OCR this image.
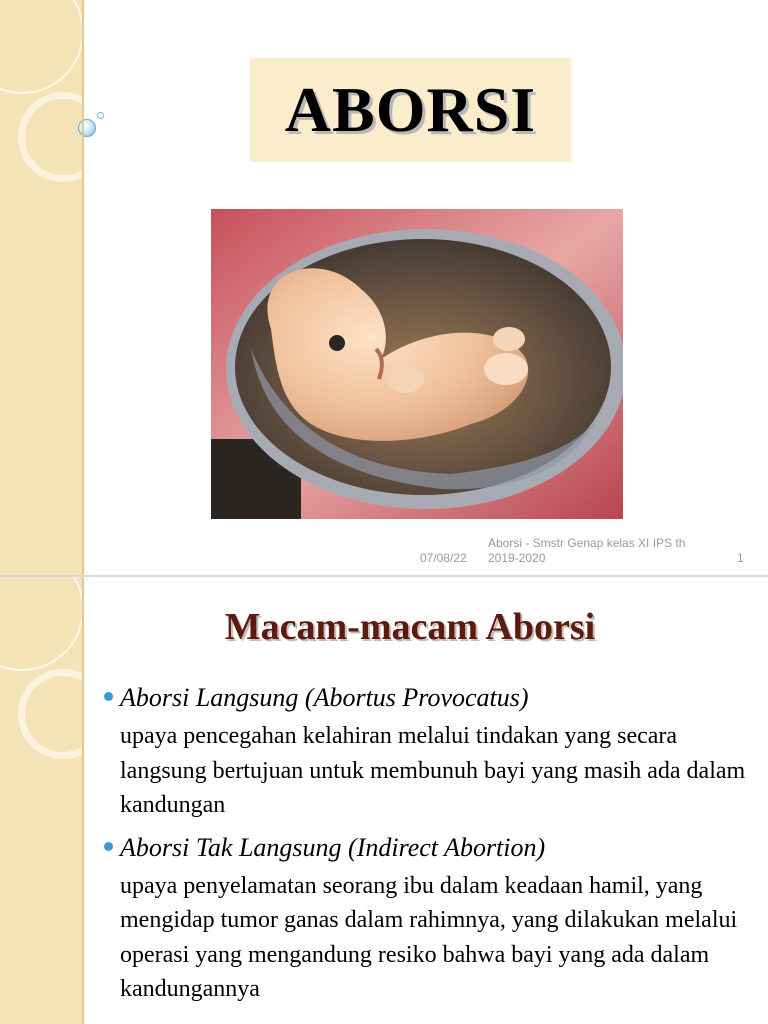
ABORSI
07/08/22
Aborsi - Smstr Genap kelas XI IPS th 2019-2020	1
Macam-macam Aborsi
Aborsi Langsung (Abortus Provocatus)
upaya pencegahan kelahiran melalui tindakan yang secara langsung bertujuan untuk membunuh bayi yang masih ada dalam kandungan
Aborsi Tak Langsung (Indirect Abortion)
upaya penyelamatan seorang ibu dalam keadaan hamil, yang mengidap tumor ganas dalam rahimnya, yang dilakukan melalui operasi yang mengandung resiko bahwa bayi yang ada dalam kandungannya
